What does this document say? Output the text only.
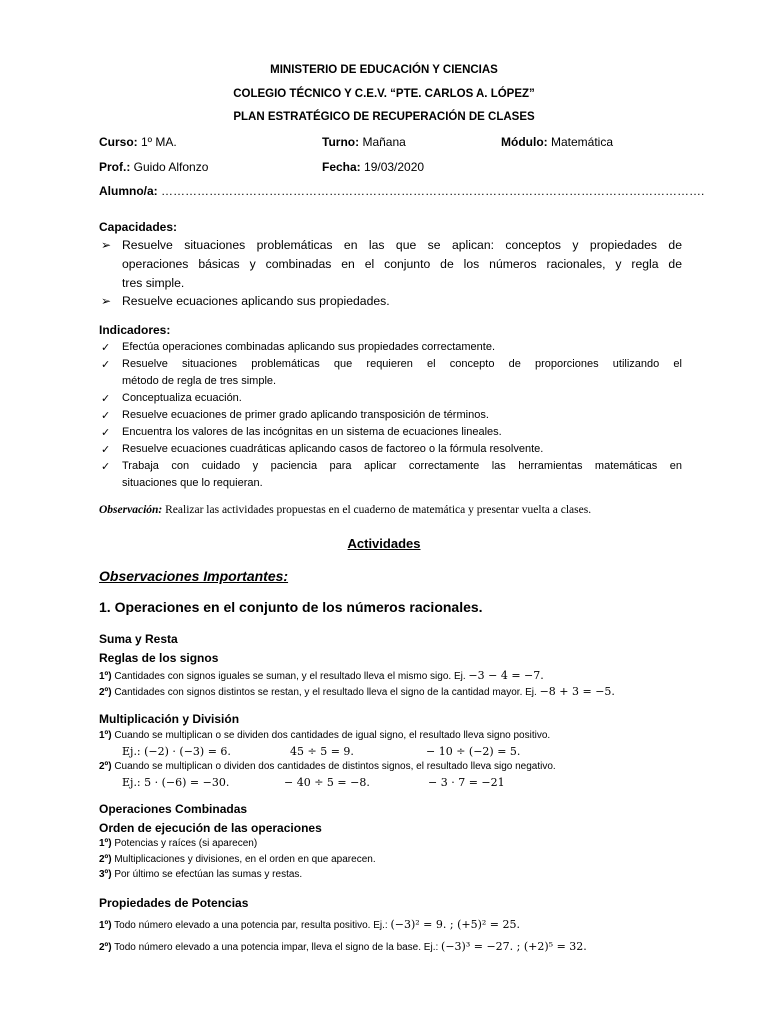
MINISTERIO DE EDUCACIÓN Y CIENCIAS
COLEGIO TÉCNICO Y C.E.V. “PTE. CARLOS A. LÓPEZ”
PLAN ESTRATÉGICO DE RECUPERACIÓN DE CLASES
Curso: 1º MA.	Turno: Mañana	Módulo: Matemática
Prof.: Guido Alfonzo	Fecha: 19/03/2020
Alumno/a: ……………………………………………………………………………………………………………………….
Capacidades:
➢ Resuelve situaciones problemáticas en las que se aplican: conceptos y propiedades de
operaciones básicas y combinadas en el conjunto de los números racionales, y regla de
tres simple.
➢ Resuelve ecuaciones aplicando sus propiedades.
Indicadores:
✓ Efectúa operaciones combinadas aplicando sus propiedades correctamente.
✓ Resuelve situaciones problemáticas que requieren el concepto de proporciones utilizando el
método de regla de tres simple.
✓ Conceptualiza ecuación.
✓ Resuelve ecuaciones de primer grado aplicando transposición de términos.
✓ Encuentra los valores de las incógnitas en un sistema de ecuaciones lineales.
✓ Resuelve ecuaciones cuadráticas aplicando casos de factoreo o la fórmula resolvente.
✓ Trabaja con cuidado y paciencia para aplicar correctamente las herramientas matemáticas en
situaciones que lo requieran.
Observación: Realizar las actividades propuestas en el cuaderno de matemática y presentar vuelta a clases.
Actividades
Observaciones Importantes:
1. Operaciones en el conjunto de los números racionales.
Suma y Resta
Reglas de los signos
1º) Cantidades con signos iguales se suman, y el resultado lleva el mismo sigo. Ej. −3 − 4 = −7.
2º) Cantidades con signos distintos se restan, y el resultado lleva el signo de la cantidad mayor. Ej. −8 + 3 = −5.
Multiplicación y División
1º) Cuando se multiplican o se dividen dos cantidades de igual signo, el resultado lleva signo positivo.
Ej.: (−2) · (−3) = 6.	45 ÷ 5 = 9.	− 10 ÷ (−2) = 5.
2º) Cuando se multiplican o dividen dos cantidades de distintos signos, el resultado lleva sigo negativo.
Ej.: 5 · (−6) = −30.	− 40 ÷ 5 = −8.	− 3 · 7 = −21
Operaciones Combinadas
Orden de ejecución de las operaciones
1º) Potencias y raíces (si aparecen)
2º) Multiplicaciones y divisiones, en el orden en que aparecen.
3º) Por último se efectúan las sumas y restas.
Propiedades de Potencias
1º) Todo número elevado a una potencia par, resulta positivo. Ej.: (−3)² = 9. ; (+5)² = 25.
2º) Todo número elevado a una potencia impar, lleva el signo de la base. Ej.: (−3)³ = −27. ; (+2)⁵ = 32.
